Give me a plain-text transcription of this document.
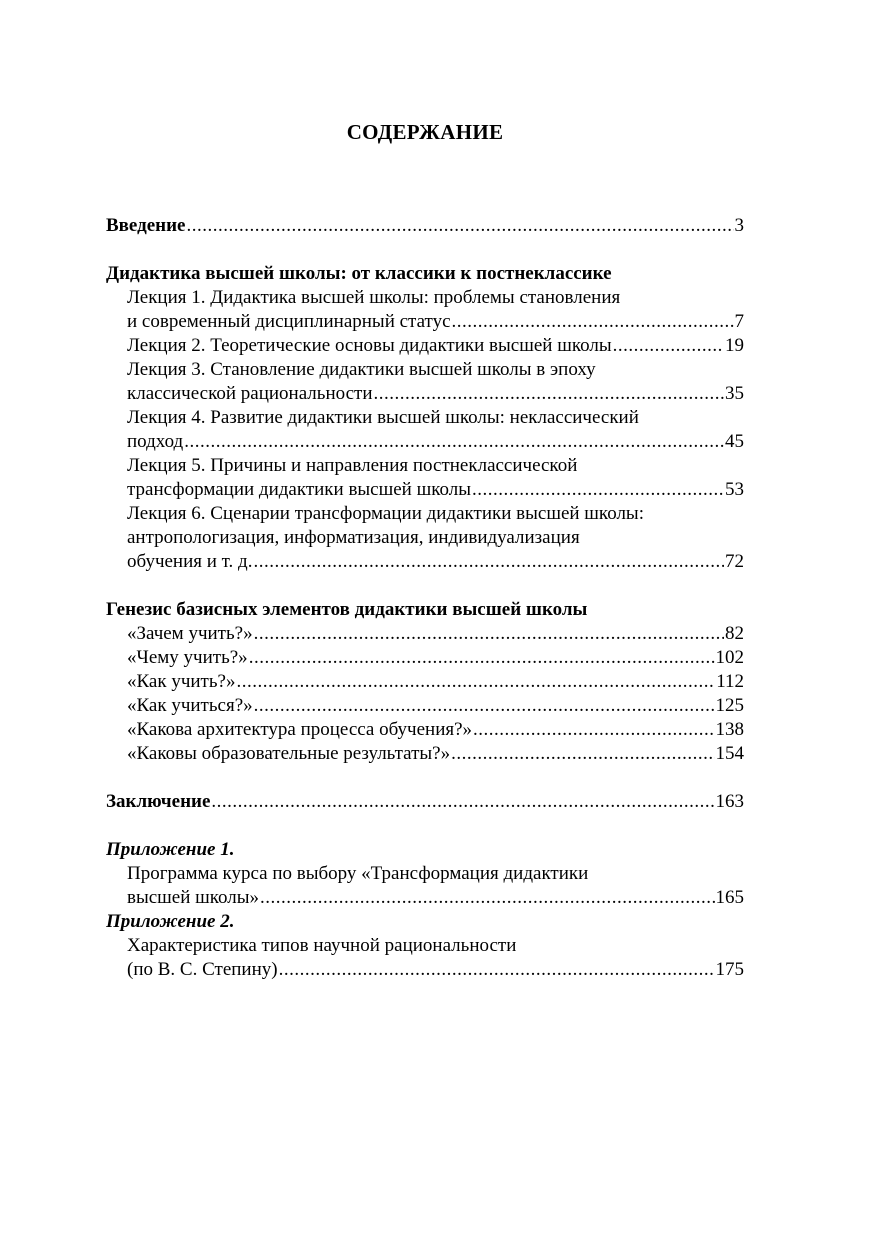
СОДЕРЖАНИЕ
Введение .....	3
Дидактика высшей школы: от классики к постнеклассике
Лекция 1. Дидактика высшей школы: проблемы становления
и современный дисциплинарный статус .....	7
Лекция 2. Теоретические основы дидактики высшей школы .....	19
Лекция 3. Становление дидактики высшей школы в эпоху
классической рациональности .....	35
Лекция 4. Развитие дидактики высшей школы: неклассический
подход .....	45
Лекция 5. Причины и направления постнеклассической
трансформации дидактики высшей школы .....	53
Лекция 6. Сценарии трансформации дидактики высшей школы:
антропологизация, информатизация, индивидуализация
обучения и т. д. .....	72
Генезис базисных элементов дидактики высшей школы
«Зачем учить?» .....	82
«Чему учить?» .....	102
«Как учить?» .....	112
«Как учиться?» .....	125
«Какова архитектура процесса обучения?» .....	138
«Каковы образовательные результаты?» .....	154
Заключение .....	163
Приложение 1.
Программа курса по выбору «Трансформация дидактики
высшей школы» .....	165
Приложение 2.
Характеристика типов научной рациональности
(по В. С. Степину) .....	175
